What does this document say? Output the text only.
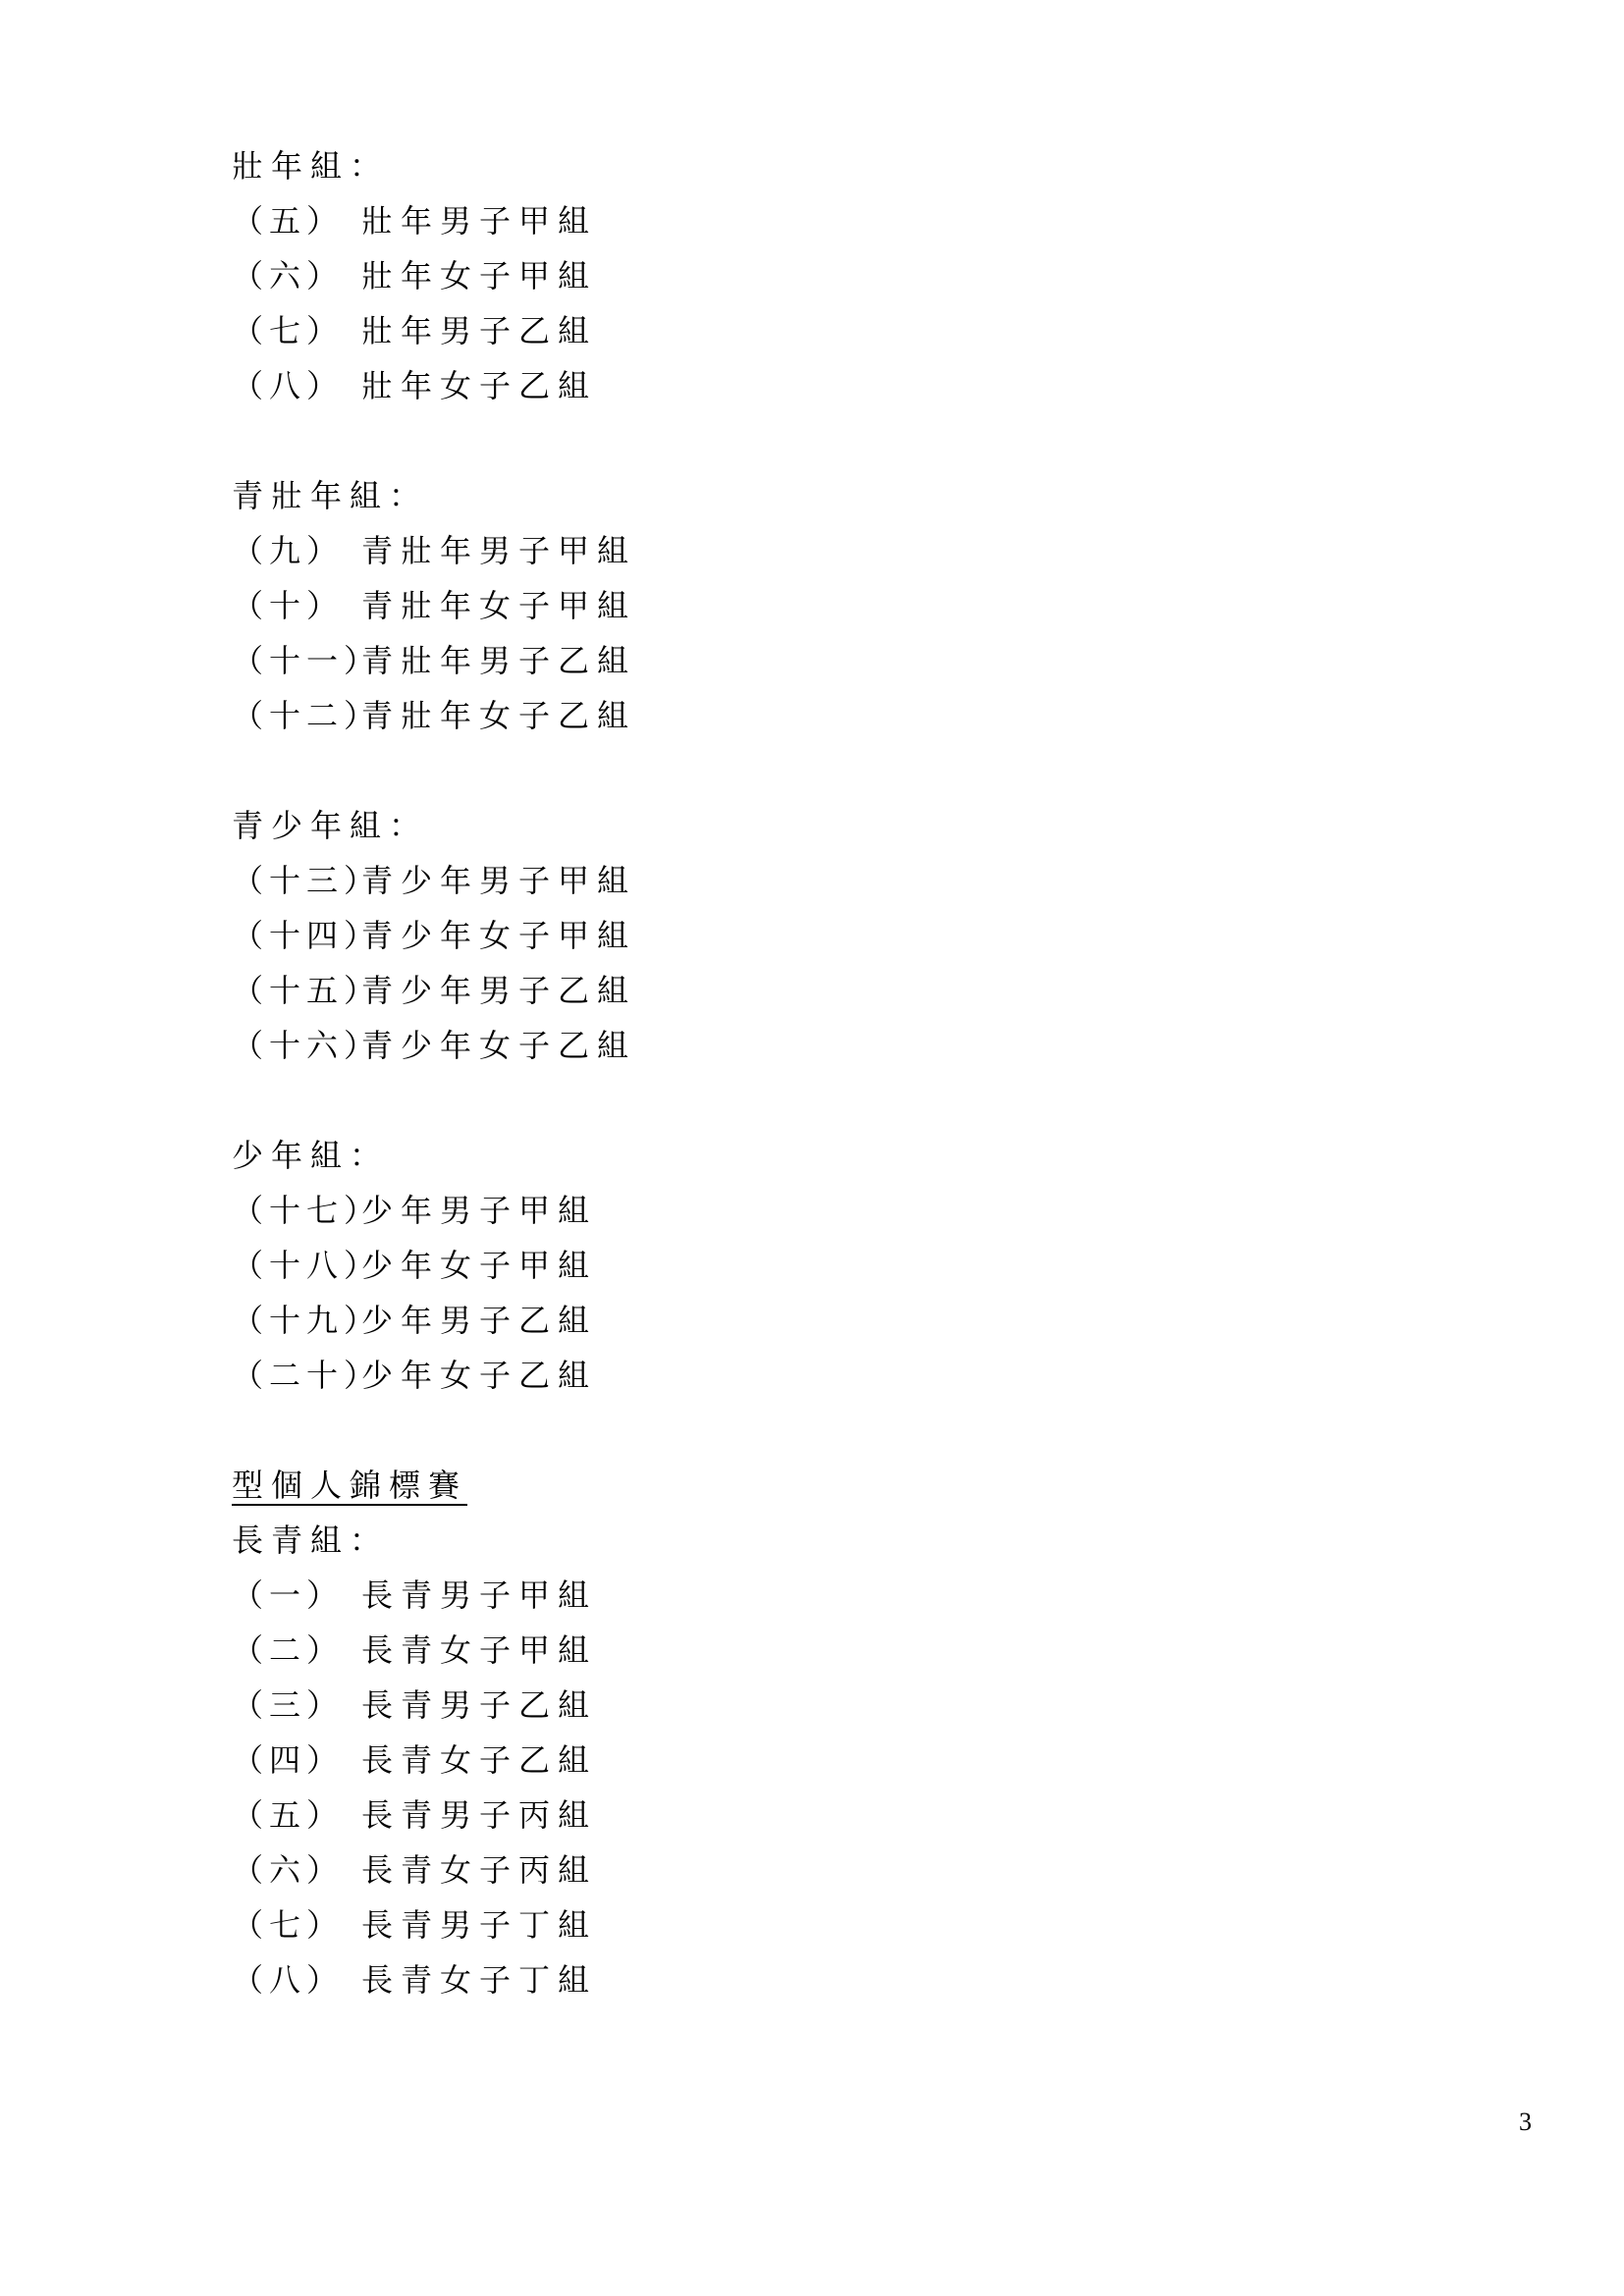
壯年組：
（五） 壯年男子甲組
（六） 壯年女子甲組
（七） 壯年男子乙組
（八） 壯年女子乙組
青壯年組：
（九） 青壯年男子甲組
（十） 青壯年女子甲組
（十一）
青壯年男子乙組
（十二）
青壯年女子乙組
青少年組：
（十三）
青少年男子甲組
（十四）
青少年女子甲組
（十五）
青少年男子乙組
（十六）
青少年女子乙組
少年組：
（十七）
少年男子甲組
（十八）
少年女子甲組
（十九）
少年男子乙組
（二十）
少年女子乙組
型個人錦標賽
長青組：
（一） 長青男子甲組
（二） 長青女子甲組
（三） 長青男子乙組
（四） 長青女子乙組
（五） 長青男子丙組
（六） 長青女子丙組
（七） 長青男子丁組
（八） 長青女子丁組
3
